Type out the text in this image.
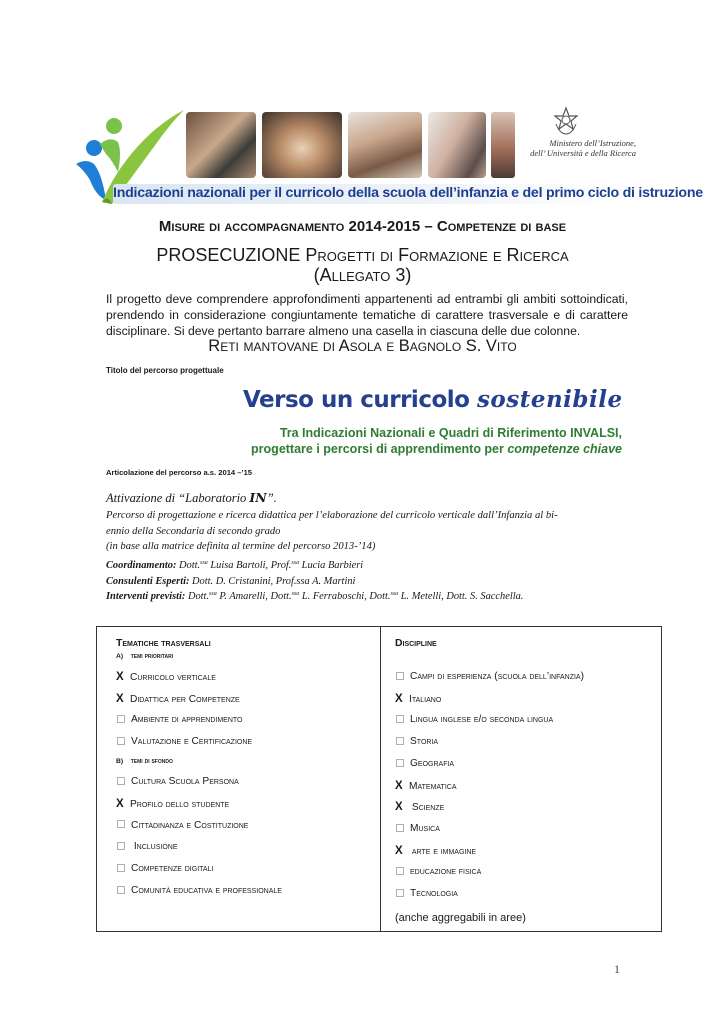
Ministero dell’Istruzione,
dell’ Università e della Ricerca
Indicazioni nazionali per il curricolo della scuola dell’infanzia e del primo ciclo di istruzione
Misure di accompagnamento 2014-2015 – Competenze di base
PROSECUZIONE Progetti di Formazione e Ricerca
(Allegato 3)
Il progetto deve comprendere approfondimenti appartenenti ad entrambi gli ambiti sottoindicati, prendendo in considerazione congiuntamente tematiche di carattere trasversale e di carattere disciplinare. Si deve pertanto barrare almeno una casella in ciascuna delle due colonne.
Reti mantovane di Asola e Bagnolo S. Vito
Titolo del percorso progettuale
Verso un curricolo sostenibile
Tra Indicazioni Nazionali e Quadri di Riferimento INVALSI,
progettare i percorsi di apprendimento per competenze chiave
Articolazione del percorso a.s. 2014 –’15
Attivazione di “Laboratorio IN”.
Percorso di progettazione e ricerca didattica per l’elaborazione del curricolo verticale dall’Infanzia al bi-
ennio della Secondaria di secondo grado
(in base alla matrice definita al termine del percorso 2013-’14)
Coordinamento: Dott.$^{ssa}$ Luisa Bartoli, Prof.$^{ssa}$ Lucia Barbieri
Consulenti Esperti: Dott. D. Cristanini, Prof.ssa A. Martini
Interventi previsti: Dott.$^{ssa}$ P. Amarelli, Dott.$^{ssa}$ L. Ferraboschi, Dott.$^{ssa}$ L. Metelli, Dott. S. Sacchella.
Tematiche trasversali
A) temi prioritari
B) temi di sfondo
X Curricolo verticale
X Didattica per Competenze
Ambiente di apprendimento
Valutazione e Certificazione
Cultura Scuola Persona
X Profilo dello studente
Cittadinanza e Costituzione
Inclusione
Competenze digitali
Comunità educativa e professionale
Discipline
Campi di esperienza (scuola dell’infanzia)
X Italiano
Lingua inglese e/o seconda lingua
Storia
Geografia
X Matematica
X Scienze
Musica
X arte e immagine
educazione fisica
Tecnologia
(anche aggregabili in aree)
1
